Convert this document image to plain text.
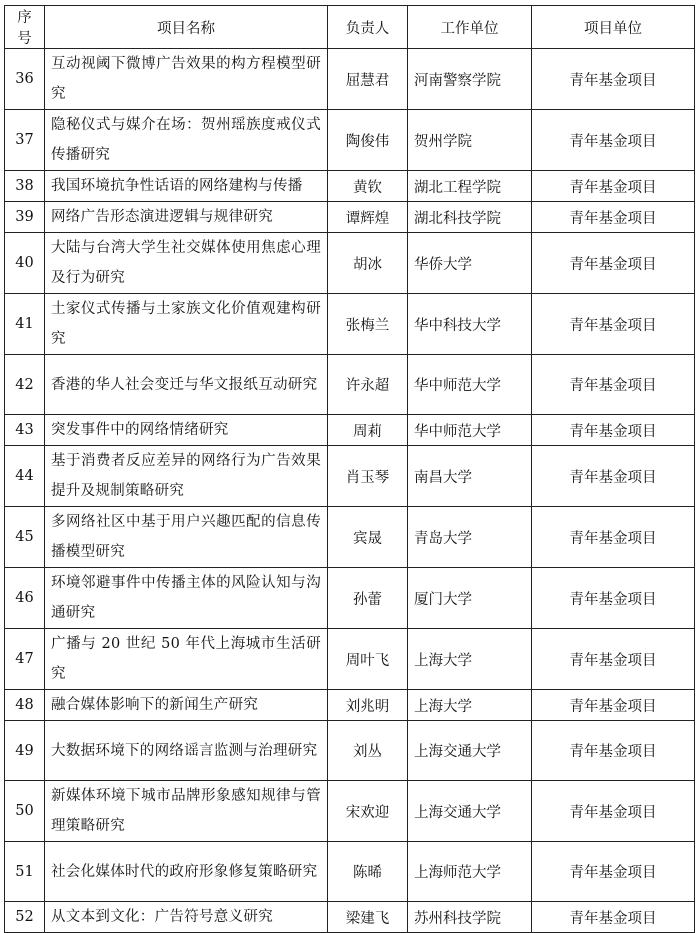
序号	项目名称	负责人	工作单位	项目单位
36	互动视阈下微博广告效果的构方程模型研究	屈慧君	河南警察学院	青年基金项目
37	隐秘仪式与媒介在场：贺州瑶族度戒仪式传播研究	陶俊伟	贺州学院	青年基金项目
38	我国环境抗争性话语的网络建构与传播	黄钦	湖北工程学院	青年基金项目
39	网络广告形态演进逻辑与规律研究	谭辉煌	湖北科技学院	青年基金项目
40	大陆与台湾大学生社交媒体使用焦虑心理及行为研究	胡冰	华侨大学	青年基金项目
41	土家仪式传播与土家族文化价值观建构研究	张梅兰	华中科技大学	青年基金项目
42	香港的华人社会变迁与华文报纸互动研究	许永超	华中师范大学	青年基金项目
43	突发事件中的网络情绪研究	周莉	华中师范大学	青年基金项目
44	基于消费者反应差异的网络行为广告效果提升及规制策略研究	肖玉琴	南昌大学	青年基金项目
45	多网络社区中基于用户兴趣匹配的信息传播模型研究	宾晟	青岛大学	青年基金项目
46	环境邻避事件中传播主体的风险认知与沟通研究	孙蕾	厦门大学	青年基金项目
47	广播与 20 世纪 50 年代上海城市生活研究	周叶飞	上海大学	青年基金项目
48	融合媒体影响下的新闻生产研究	刘兆明	上海大学	青年基金项目
49	大数据环境下的网络谣言监测与治理研究	刘丛	上海交通大学	青年基金项目
50	新媒体环境下城市品牌形象感知规律与管理策略研究	宋欢迎	上海交通大学	青年基金项目
51	社会化媒体时代的政府形象修复策略研究	陈晞	上海师范大学	青年基金项目
52	从文本到文化：广告符号意义研究	梁建飞	苏州科技学院	青年基金项目
